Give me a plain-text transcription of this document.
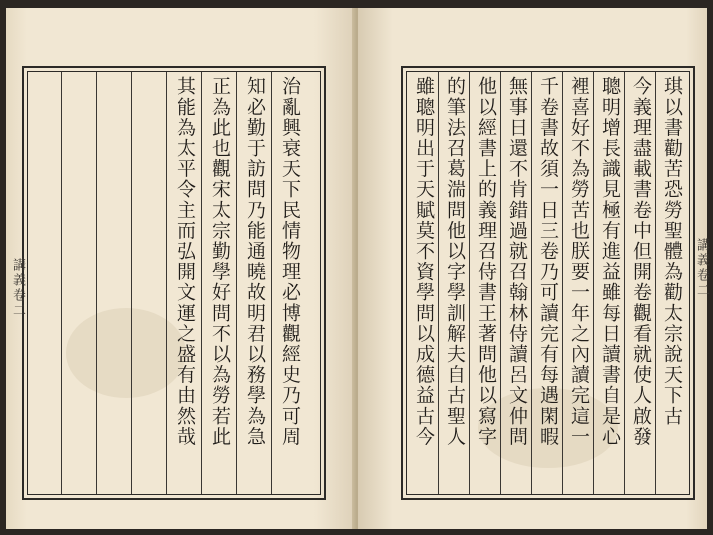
治亂興衰天下民情物理必博觀經史乃可周
知必勤于訪問乃能通曉故明君以務學為急
正為此也觀宋太宗勤學好問不以為勞若此
其能為太平令主而弘開文運之盛有由然哉
講義卷二	琪以書勸苦恐勞聖體為勸太宗說天下古
今義理盡載書卷中但開卷觀看就使人啟發
聰明增長識見極有進益雖每日讀書自是心
裡喜好不為勞苦也朕要一年之內讀完這一
千卷書故須一日三卷乃可讀完有每遇閑暇
無事日還不肯錯過就召翰林侍讀呂文仲問
他以經書上的義理召侍書王著問他以寫字
的筆法召葛湍問他以字學訓解夫自古聖人
雖聰明出于天賦莫不資學問以成德益古今	講義卷二
